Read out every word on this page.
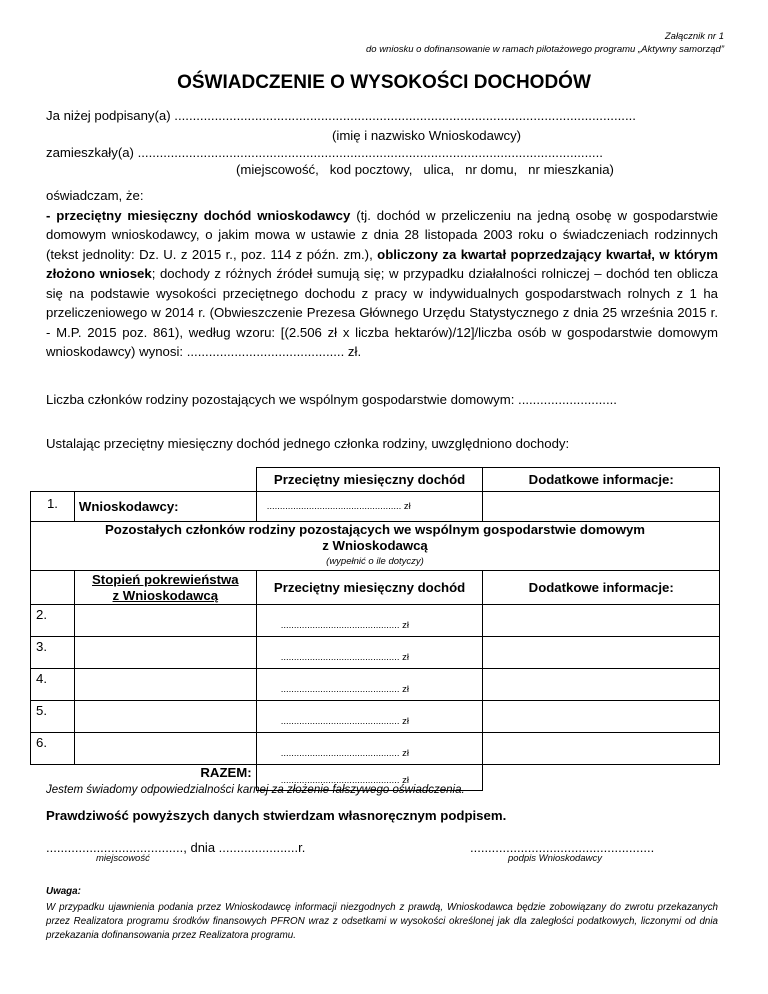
Załącznik nr 1
do wniosku o dofinansowanie w ramach pilotażowego programu „Aktywny samorząd”
OŚWIADCZENIE O WYSOKOŚCI DOCHODÓW
Ja niżej podpisany(a) ..............................................................................................................................
(imię i nazwisko Wnioskodawcy)
zamieszkały(a) ...............................................................................................................................
(miejscowość,   kod pocztowy,   ulica,   nr domu,   nr mieszkania)
oświadczam, że:
- przeciętny miesięczny dochód wnioskodawcy (tj. dochód w przeliczeniu na jedną osobę w gospodarstwie domowym wnioskodawcy, o jakim mowa w ustawie z dnia 28 listopada 2003 roku o świadczeniach rodzinnych (tekst jednolity: Dz. U. z 2015 r., poz. 114 z późn. zm.), obliczony za kwartał poprzedzający kwartał, w którym złożono wniosek; dochody z różnych źródeł sumują się; w przypadku działalności rolniczej – dochód ten oblicza się na podstawie wysokości przeciętnego dochodu z pracy w indywidualnych gospodarstwach rolnych z 1 ha przeliczeniowego w 2014 r. (Obwieszczenie Prezesa Głównego Urzędu Statystycznego z dnia 25 września 2015 r. - M.P. 2015 poz. 861), według wzoru: [(2.506 zł x liczba hektarów)/12]/liczba osób w gospodarstwie domowym wnioskodawcy) wynosi: ........................................... zł.
Liczba członków rodziny pozostających we wspólnym gospodarstwie domowym: ...........................
Ustalając przeciętny miesięczny dochód jednego członka rodziny, uwzględniono dochody:
		Przeciętny miesięczny dochód	Dodatkowe informacje:
1.	Wnioskodawcy:	................................................... zł	

Pozostałych członków rodziny pozostających we wspólnym gospodarstwie domowym
z Wnioskodawcą
(wypełnić o ile dotyczy)			

	Stopień pokrewieństwa
z Wnioskodawcą	Przeciętny miesięczny dochód	Dodatkowe informacje:
2.		............................................. zł	
3.		............................................. zł	
4.		............................................. zł	
5.		............................................. zł	
6.		............................................. zł	
	RAZEM:	............................................. zł	
Jestem świadomy odpowiedzialności karnej za złożenie fałszywego oświadczenia.
Prawdziwość powyższych danych stwierdzam własnoręcznym podpisem.
......................................, dnia ......................r.
miejscowość
...................................................
podpis Wnioskodawcy
Uwaga:
W przypadku ujawnienia podania przez Wnioskodawcę informacji niezgodnych z prawdą, Wnioskodawca będzie zobowiązany do zwrotu przekazanych przez Realizatora programu środków finansowych PFRON wraz z odsetkami w wysokości określonej jak dla zaległości podatkowych, liczonymi od dnia przekazania dofinansowania przez Realizatora programu.
